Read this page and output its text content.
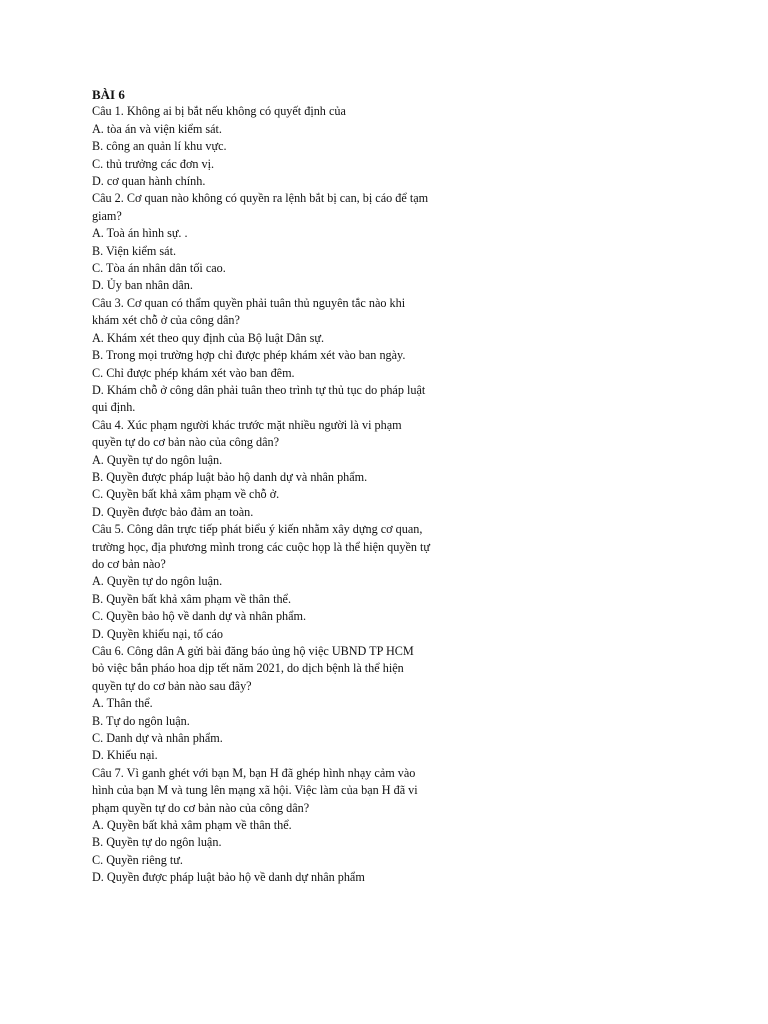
BÀI 6
Câu 1. Không ai bị bắt nếu không có quyết định của
A. tòa án và viện kiểm sát.
B. công an quản lí khu vực.
C. thủ trưởng các đơn vị.
D. cơ quan hành chính.
Câu 2. Cơ quan nào không có quyền ra lệnh bắt bị can, bị cáo để tạm
giam?
A. Toà án hình sự. .
B. Viện kiểm sát.
C. Tòa án nhân dân tối cao.
D. Ủy ban nhân dân.
Câu 3. Cơ quan có thẩm quyền phải tuân thủ nguyên tắc nào khi
khám xét chỗ ở của công dân?
A. Khám xét theo quy định của Bộ luật Dân sự.
B. Trong mọi trường hợp chỉ được phép khám xét vào ban ngày.
C. Chỉ được phép khám xét vào ban đêm.
D. Khám chỗ ở công dân phải tuân theo trình tự thủ tục do pháp luật
qui định.
Câu 4. Xúc phạm người khác trước mặt nhiều người là vi phạm
quyền tự do cơ bản nào của công dân?
A. Quyền tự do ngôn luận.
B. Quyền được pháp luật bảo hộ danh dự và nhân phẩm.
C. Quyền bất khả xâm phạm về chỗ ở.
D. Quyền được bảo đảm an toàn.
Câu 5. Công dân trực tiếp phát biểu ý kiến nhằm xây dựng cơ quan,
trường học, địa phương mình trong các cuộc họp là thể hiện quyền tự
do cơ bản nào?
A. Quyền tự do ngôn luận.
B. Quyền bất khả xâm phạm về thân thể.
C. Quyền bảo hộ về danh dự và nhân phẩm.
D. Quyền khiếu nại, tố cáo
Câu 6. Công dân A gửi bài đăng báo ủng hộ việc UBND TP HCM
bỏ việc bắn pháo hoa dịp tết năm 2021, do dịch bệnh là thể hiện
quyền tự do cơ bản nào sau đây?
A. Thân thể.
B. Tự do ngôn luận.
C. Danh dự và nhân phẩm.
D. Khiếu nại.
Câu 7. Vì ganh ghét với bạn M, bạn H đã ghép hình nhạy cảm vào
hình của bạn M và tung lên mạng xã hội. Việc làm của bạn H đã vi
phạm quyền tự do cơ bản nào của công dân?
A. Quyền bất khả xâm phạm về thân thể.
B. Quyền tự do ngôn luận.
C. Quyền riêng tư.
D. Quyền được pháp luật bảo hộ về danh dự nhân phẩm
